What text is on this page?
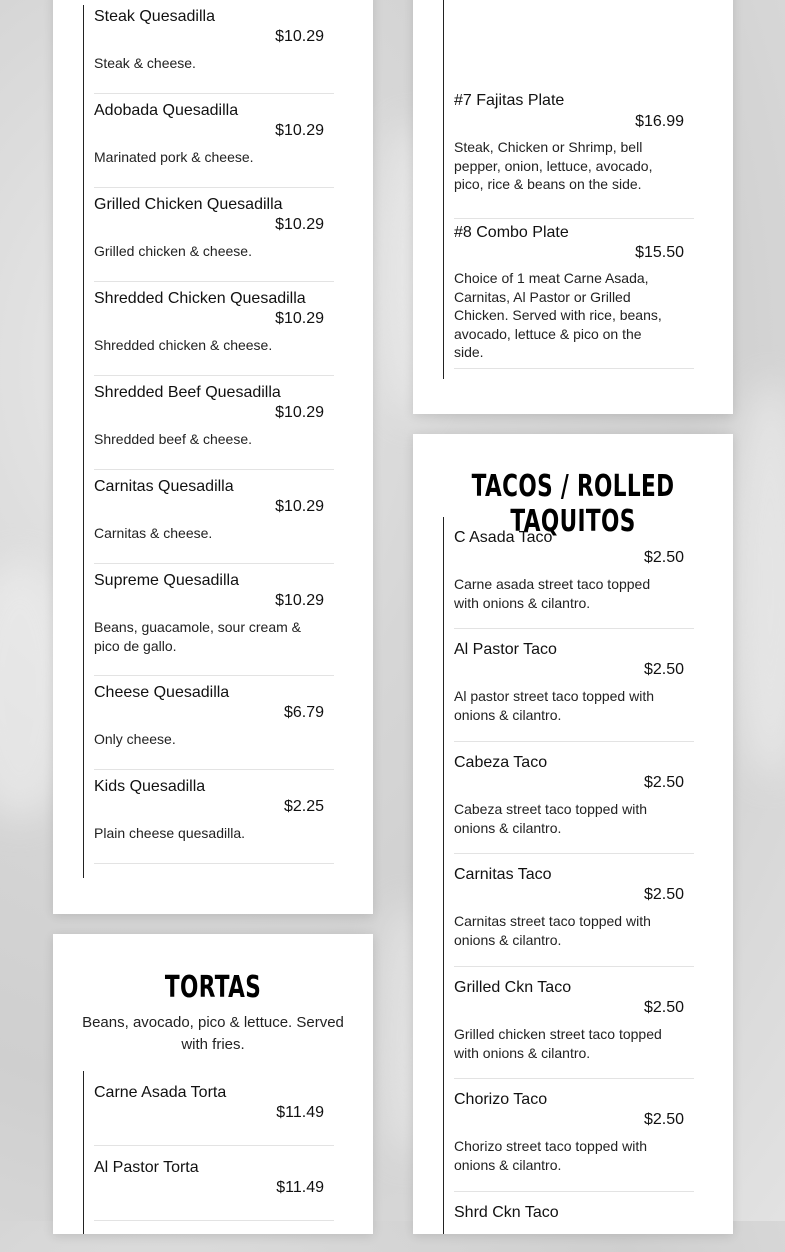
Steak Quesadilla
$10.29
Steak & cheese.
Adobada Quesadilla
$10.29
Marinated pork & cheese.
Grilled Chicken Quesadilla
$10.29
Grilled chicken & cheese.
Shredded Chicken Quesadilla
$10.29
Shredded chicken & cheese.
Shredded Beef Quesadilla
$10.29
Shredded beef & cheese.
Carnitas Quesadilla
$10.29
Carnitas & cheese.
Supreme Quesadilla
$10.29
Beans, guacamole, sour cream & pico de gallo.
Cheese Quesadilla
$6.79
Only cheese.
Kids Quesadilla
$2.25
Plain cheese quesadilla.
TORTAS
Beans, avocado, pico & lettuce. Served with fries.
Carne Asada Torta
$11.49
Al Pastor Torta
$11.49
#7 Fajitas Plate
$16.99
Steak, Chicken or Shrimp, bell pepper, onion, lettuce, avocado, pico, rice & beans on the side.
#8 Combo Plate
$15.50
Choice of 1 meat Carne Asada, Carnitas, Al Pastor or Grilled Chicken. Served with rice, beans, avocado, lettuce & pico on the side.
TACOS / ROLLED TAQUITOS
C Asada Taco
$2.50
Carne asada street taco topped with onions & cilantro.
Al Pastor Taco
$2.50
Al pastor street taco topped with onions & cilantro.
Cabeza Taco
$2.50
Cabeza street taco topped with onions & cilantro.
Carnitas Taco
$2.50
Carnitas street taco topped with onions & cilantro.
Grilled Ckn Taco
$2.50
Grilled chicken street taco topped with onions & cilantro.
Chorizo Taco
$2.50
Chorizo street taco topped with onions & cilantro.
Shrd Ckn Taco
